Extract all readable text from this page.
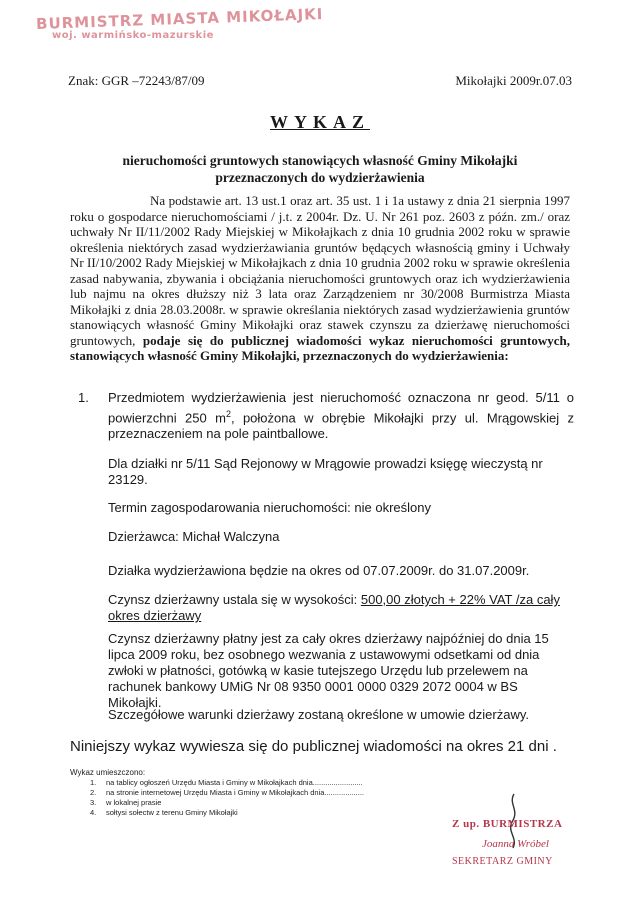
BURMISTRZ MIASTA MIKOŁAJKI
woj. warmińsko-mazurskie
Znak: GGR –72243/87/09	Mikołajki 2009r.07.03
WYKAZ
nieruchomości gruntowych stanowiących własność Gminy Mikołajki przeznaczonych do wydzierżawienia
Na podstawie art. 13 ust.1 oraz art. 35 ust. 1 i 1a ustawy z dnia 21 sierpnia 1997 roku o gospodarce nieruchomościami / j.t. z 2004r. Dz. U. Nr 261 poz. 2603 z późn. zm./ oraz uchwały Nr II/11/2002 Rady Miejskiej w Mikołajkach z dnia 10 grudnia 2002 roku w sprawie określenia niektórych zasad wydzierżawiania gruntów będących własnością gminy i Uchwały Nr II/10/2002 Rady Miejskiej w Mikołajkach z dnia 10 grudnia 2002 roku w sprawie określenia zasad nabywania, zbywania i obciążania nieruchomości gruntowych oraz ich wydzierżawienia lub najmu na okres dłuższy niż 3 lata oraz Zarządzeniem nr 30/2008 Burmistrza Miasta Mikołajki z dnia 28.03.2008r. w sprawie określania niektórych zasad wydzierżawienia gruntów stanowiących własność Gminy Mikołajki oraz stawek czynszu za dzierżawę nieruchomości gruntowych, podaje się do publicznej wiadomości wykaz nieruchomości gruntowych, stanowiących własność Gminy Mikołajki, przeznaczonych do wydzierżawienia:
1. Przedmiotem wydzierżawienia jest nieruchomość oznaczona nr geod. 5/11 o powierzchni 250 $m^2$, położona w obrębie Mikołajki przy ul. Mrągowskiej z przeznaczeniem na pole paintballowe.
Dla działki nr 5/11 Sąd Rejonowy w Mrągowie prowadzi księgę wieczystą nr 23129.
Termin zagospodarowania nieruchomości: nie określony
Dzierżawca: Michał Walczyna
Działka wydzierżawiona będzie na okres od 07.07.2009r. do 31.07.2009r.
Czynsz dzierżawny ustala się w wysokości: 500,00 złotych + 22% VAT /za cały okres dzierżawy
Czynsz dzierżawny płatny jest za cały okres dzierżawy najpóźniej do dnia 15 lipca 2009 roku, bez osobnego wezwania z ustawowymi odsetkami od dnia zwłoki w płatności, gotówką w kasie tutejszego Urzędu lub przelewem na rachunek bankowy UMiG Nr 08 9350 0001 0000 0329 2072 0004 w BS Mikołajki.
Szczegółowe warunki dzierżawy zostaną określone w umowie dzierżawy.
Niniejszy wykaz wywiesza się do publicznej wiadomości na okres 21 dni .
Wykaz umieszczono:
1. na tablicy ogłoszeń Urzędu Miasta i Gminy w Mikołajkach dnia........................
2. na stronie internetowej Urzędu Miasta i Gminy w Mikołajkach dnia...................
3. w lokalnej prasie
4. sołtysi sołectw z terenu Gminy Mikołajki
Z up. BURMISTRZA
Joanna Wróbel
SEKRETARZ GMINY
